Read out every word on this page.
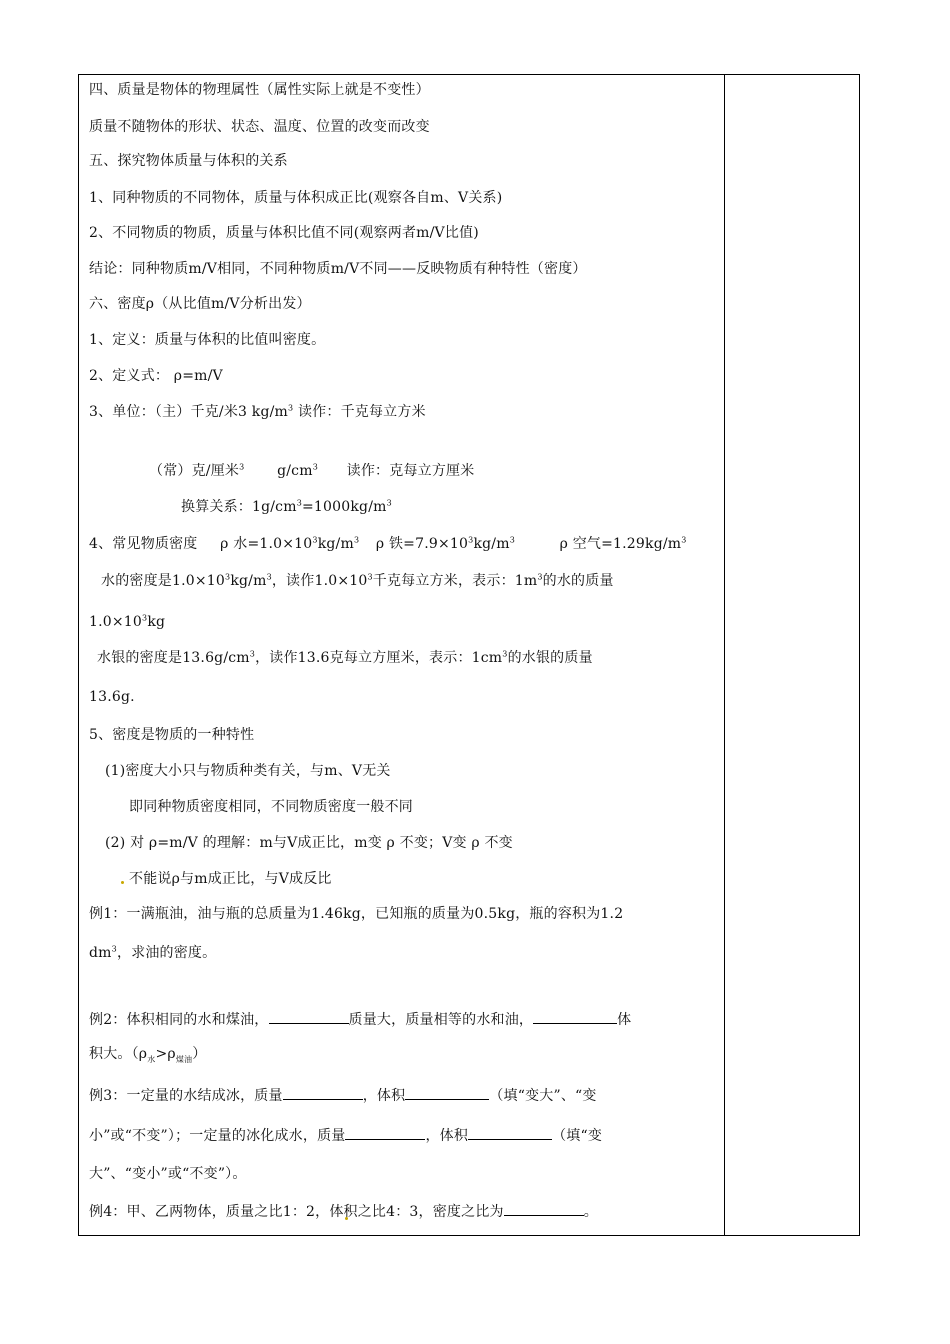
四、质量是物体的物理属性（属性实际上就是不变性）
质量不随物体的形状、状态、温度、位置的改变而改变
五、探究物体质量与体积的关系
1、同种物质的不同物体，质量与体积成正比(观察各自m、V关系)
2、不同物质的物质，质量与体积比值不同(观察两者m/V比值)
结论：同种物质m/V相同，不同种物质m/V不同——反映物质有种特性（密度）
六、密度ρ（从比值m/V分析出发）
1、定义：质量与体积的比值叫密度。
2、定义式： ρ=m/V
3、单位：（主）千克/米3 $kg/m^3$ 读作：千克每立方米
（常）克/厘米$^3$ $g/cm^3$ 读作：克每立方厘米
换算关系：$1g/cm^3=1000kg/m^3$
4、常见物质密度 ρ 水$=1.0\times 10^3kg/m^3$ ρ 铁$=7.9\times 10^3kg/m^3$	ρ 空气$=1.29kg/m^3$
水的密度是$1.0\times 10^3kg/m^3$，读作$1.0\times 10^3$千克每立方米，表示：$1m^3$的水的质量
$1.0\times 10^3kg$
水银的密度是$13.6g/cm^3$，读作13.6克每立方厘米，表示：$1cm^3$的水银的质量
13.6g.
5、密度是物质的一种特性
(1)密度大小只与物质种类有关，与m、V无关
即同种物质密度相同，不同物质密度一般不同
(2) 对 ρ=m/V 的理解：m与V成正比，m变 ρ 不变；V变 ρ 不变
不能说ρ与m成正比，与V成反比
例1：一满瓶油，油与瓶的总质量为1.46kg，已知瓶的质量为0.5kg，瓶的容积为1.2
$dm^3$，求油的密度。
例2：体积相同的水和煤油，	质量大，质量相等的水和油，	体
积大。$(\rho_水>\rho_{煤油})$
例3：一定量的水结成冰，质量	，体积	（填“变大”、“变
小”或“不变”）；一定量的冰化成水，质量	，体积	（填“变
大”、“变小”或“不变”）。
例4：甲、乙两物体，质量之比1：2，体积之比4：3，密度之比为	。
